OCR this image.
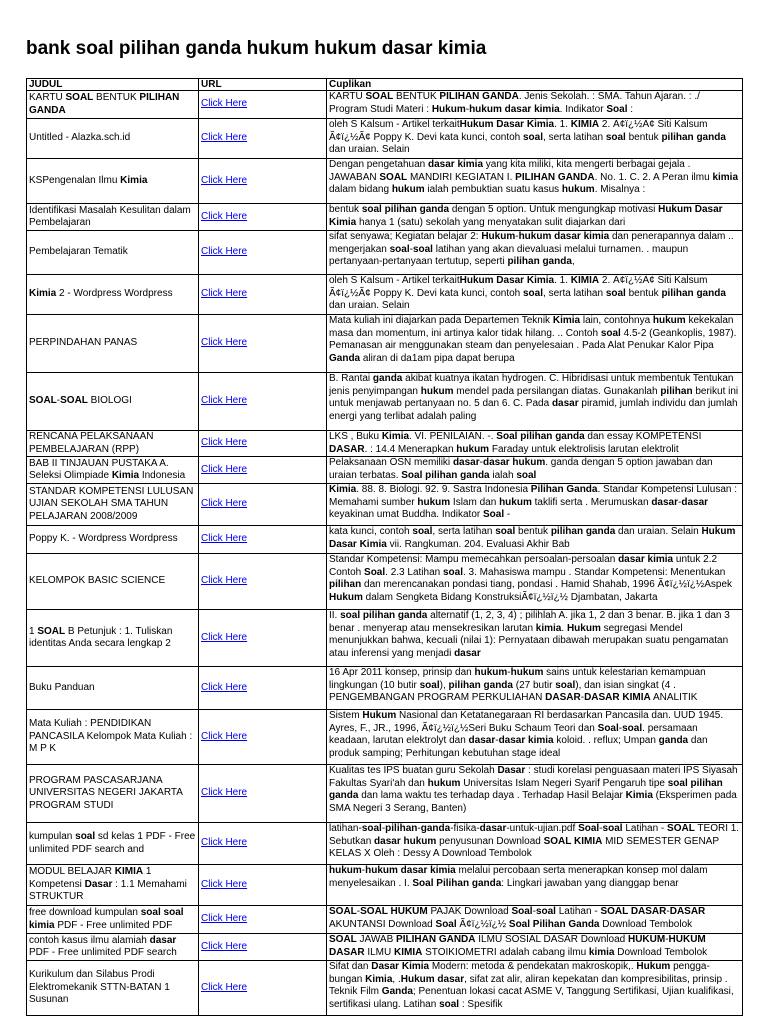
bank soal pilihan ganda hukum hukum dasar kimia
JUDUL	URL	Cuplikan
KARTU SOAL BENTUK PILIHAN GANDA	Click Here	KARTU SOAL BENTUK PILIHAN GANDA. Jenis Sekolah. : SMA. Tahun Ajaran. : ./ Program Studi Materi : Hukum-hukum dasar kimia. Indikator Soal :
Untitled - Alazka.sch.id	Click Here	oleh S Kalsum - Artikel terkaitHukum Dasar Kimia. 1. KIMIA 2. Ã¢ï¿½Ã¢ Siti Kalsum Ã¢ï¿½Ã¢ Poppy K. Devi kata kunci, contoh soal, serta latihan soal bentuk pilihan ganda dan uraian. Selain
KSPengenalan Ilmu Kimia	Click Here	Dengan pengetahuan dasar kimia yang kita miliki, kita mengerti berbagai gejala . JAWABAN SOAL MANDIRI KEGIATAN I. PILIHAN GANDA. No. 1. C. 2. A Peran ilmu kimia dalam bidang hukum ialah pembuktian suatu kasus hukum. Misalnya :
Identifikasi Masalah Kesulitan dalam Pembelajaran	Click Here	bentuk soal pilihan ganda dengan 5 option. Untuk mengungkap motivasi Hukum Dasar Kimia hanya 1 (satu) sekolah yang menyatakan sulit diajarkan dari
Pembelajaran Tematik	Click Here	sifat senyawa; Kegiatan belajar 2: Hukum-hukum dasar kimia dan penerapannya dalam .. mengerjakan soal-soal latihan yang akan dievaluasi melalui turnamen. . maupun pertanyaan-pertanyaan tertutup, seperti pilihan ganda,
Kimia 2 - Wordpress Wordpress	Click Here	oleh S Kalsum - Artikel terkaitHukum Dasar Kimia. 1. KIMIA 2. Ã¢ï¿½Ã¢ Siti Kalsum Ã¢ï¿½Ã¢ Poppy K. Devi kata kunci, contoh soal, serta latihan soal bentuk pilihan ganda dan uraian. Selain
PERPINDAHAN PANAS	Click Here	Mata kuliah ini diajarkan pada Departemen Teknik Kimia lain, contohnya hukum kekekalan masa dan momentum, ini artinya kalor tidak hilang. .. Contoh soal 4.5-2 (Geankoplis, 1987). Pemanasan air menggunakan steam dan penyelesaian . Pada Alat Penukar Kalor Pipa Ganda aliran di da1am pipa dapat berupa
SOAL-SOAL BIOLOGI	Click Here	B. Rantai ganda akibat kuatnya ikatan hydrogen. C. Hibridisasi untuk membentuk Tentukan jenis penyimpangan hukum mendel pada persilangan diatas. Gunakanlah pilihan berikut ini untuk menjawab pertanyaan no. 5 dan 6. C. Pada dasar piramid, jumlah individu dan jumlah energi yang terlibat adalah paling
RENCANA PELAKSANAAN PEMBELAJARAN (RPP)	Click Here	LKS , Buku Kimia. VI. PENILAIAN. -. Soal pilihan ganda dan essay KOMPETENSI DASAR. : 14.4 Menerapkan hukum Faraday untuk elektrolisis larutan elektrolit
BAB II TINJAUAN PUSTAKA A. Seleksi Olimpiade Kimia Indonesia	Click Here	Pelaksanaan OSN memiliki dasar-dasar hukum. ganda dengan 5 option jawaban dan uraian terbatas. Soal pilihan ganda ialah soal
STANDAR KOMPETENSI LULUSAN UJIAN SEKOLAH SMA TAHUN PELAJARAN 2008/2009	Click Here	Kimia. 88. 8. Biologi. 92. 9. Sastra Indonesia Pilihan Ganda. Standar Kompetensi Lulusan : Memahami sumber hukum Islam dan hukum taklifi serta . Merumuskan dasar-dasar keyakinan umat Buddha. Indikator Soal -
Poppy K. - Wordpress Wordpress	Click Here	kata kunci, contoh soal, serta latihan soal bentuk pilihan ganda dan uraian. Selain Hukum Dasar Kimia vii. Rangkuman. 204. Evaluasi Akhir Bab
KELOMPOK BASIC SCIENCE	Click Here	Standar Kompetensi: Mampu memecahkan persoalan-persoalan dasar kimia untuk 2.2 Contoh Soal. 2.3 Latihan soal. 3. Mahasiswa mampu . Standar Kompetensi: Menentukan pilihan dan merencanakan pondasi tiang, pondasi . Hamid Shahab, 1996 Ã¢ï¿½ï¿½Aspek Hukum dalam Sengketa Bidang KonstruksiÃ¢ï¿½ï¿½ Djambatan, Jakarta
1 SOAL B Petunjuk : 1. Tuliskan identitas Anda secara lengkap 2	Click Here	II. soal pilihan ganda alternatif (1, 2, 3, 4) ; pilihlah A. jika 1, 2 dan 3 benar. B. jika 1 dan 3 benar . menyerap atau mensekresikan larutan kimia. Hukum segregasi Mendel menunjukkan bahwa, kecuali (nilai 1): Pernyataan dibawah merupakan suatu pengamatan atau inferensi yang menjadi dasar
Buku Panduan	Click Here	16 Apr 2011 konsep, prinsip dan hukum-hukum sains untuk kelestarian kemampuan lingkungan (10 butir soal), pilihan ganda (27 butir soal), dan isian singkat (4 . PENGEMBANGAN PROGRAM PERKULIAHAN DASAR-DASAR KIMIA ANALITIK
Mata Kuliah : PENDIDIKAN PANCASILA Kelompok Mata Kuliah : M P K	Click Here	Sistem Hukum Nasional dan Ketatanegaraan RI berdasarkan Pancasila dan. UUD 1945. Ayres, F., JR., 1996, Ã¢ï¿½ï¿½Seri Buku Schaum Teori dan Soal-soal. persamaan keadaan, larutan elektrolyt dan dasar-dasar kimia koloid. . reflux; Umpan ganda dan produk samping; Perhitungan kebutuhan stage ideal
PROGRAM PASCASARJANA UNIVERSITAS NEGERI JAKARTA PROGRAM STUDI	Click Here	Kualitas tes IPS buatan guru Sekolah Dasar : studi korelasi penguasaan materi IPS Siyasah Fakultas Syari'ah dan hukum Universitas Islam Negeri Syarif Pengaruh tipe soal pilihan ganda dan lama waktu tes terhadap daya . Terhadap Hasil Belajar Kimia (Eksperimen pada SMA Negeri 3 Serang, Banten)
kumpulan soal sd kelas 1 PDF - Free unlimited PDF search and	Click Here	latihan-soal-pilihan-ganda-fisika-dasar-untuk-ujian.pdf Soal-soal Latihan - SOAL TEORI 1. Sebutkan dasar hukum penyusunan Download SOAL KIMIA MID SEMESTER GENAP KELAS X Oleh : Dessy A Download Tembolok
MODUL BELAJAR KIMIA 1 Kompetensi Dasar : 1.1 Memahami STRUKTUR	Click Here	hukum-hukum dasar kimia melalui percobaan serta menerapkan konsep mol dalam menyelesaikan . I. Soal Pilihan ganda: Lingkari jawaban yang dianggap benar
free download kumpulan soal soal kimia PDF - Free unlimited PDF	Click Here	SOAL-SOAL HUKUM PAJAK Download Soal-soal Latihan - SOAL DASAR-DASAR AKUNTANSI Download Soal Ã¢ï¿½ï¿½ Soal Pilihan Ganda Download Tembolok
contoh kasus ilmu alamiah dasar PDF - Free unlimited PDF search	Click Here	SOAL JAWAB PILIHAN GANDA ILMU SOSIAL DASAR Download HUKUM-HUKUM DASAR ILMU KIMIA STOIKIOMETRI adalah cabang ilmu kimia Download Tembolok
Kurikulum dan Silabus Prodi Elektromekanik STTN-BATAN 1 Susunan	Click Here	Sifat dan Dasar Kimia Modern: metoda & pendekatan makroskopik,. Hukum pengga-bungan Kimia, .Hukum dasar, sifat zat alir, aliran kepekatan dan kompresibilitas, prinsip . Teknik Film Ganda; Penentuan lokasi cacat ASME V, Tanggung Sertifikasi, Ujian kualifikasi, sertifikasi ulang. Latihan soal : Spesifik
